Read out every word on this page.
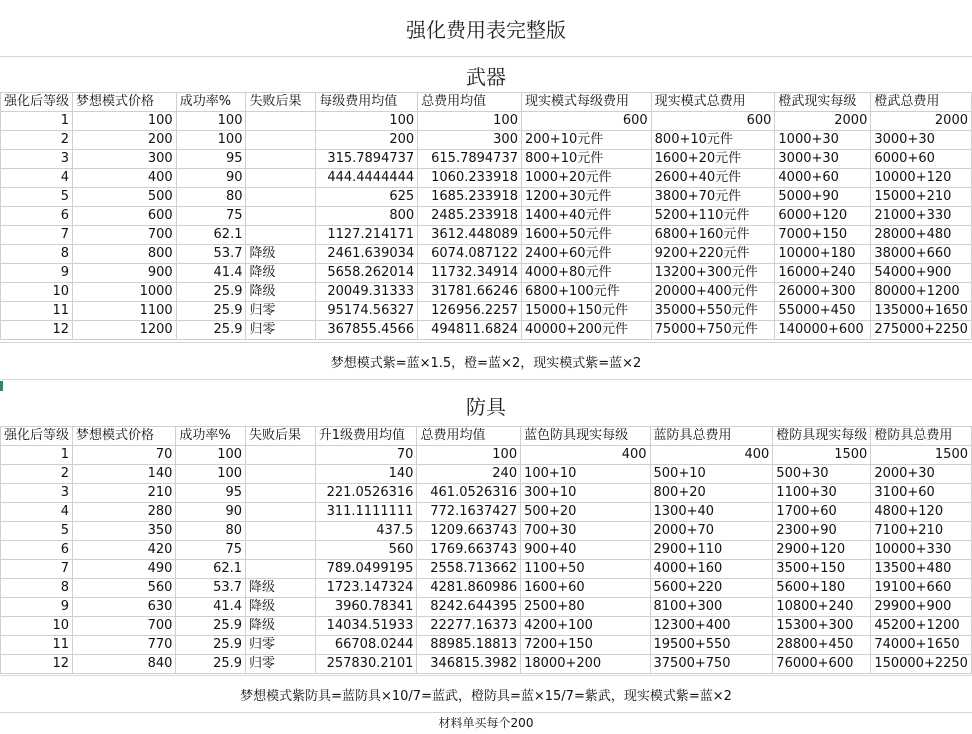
强化费用表完整版
武器
强化后等级	梦想模式价格	成功率%	失败后果	每级费用均值	总费用均值	现实模式每级费用	现实模式总费用	橙武现实每级	橙武总费用
1	100	100		100	100	600	600	2000	2000
2	200	100		200	300	200+10元件	800+10元件	1000+30	3000+30
3	300	95		315.7894737	615.7894737	800+10元件	1600+20元件	3000+30	6000+60
4	400	90		444.4444444	1060.233918	1000+20元件	2600+40元件	4000+60	10000+120
5	500	80		625	1685.233918	1200+30元件	3800+70元件	5000+90	15000+210
6	600	75		800	2485.233918	1400+40元件	5200+110元件	6000+120	21000+330
7	700	62.1		1127.214171	3612.448089	1600+50元件	6800+160元件	7000+150	28000+480
8	800	53.7	降级	2461.639034	6074.087122	2400+60元件	9200+220元件	10000+180	38000+660
9	900	41.4	降级	5658.262014	11732.34914	4000+80元件	13200+300元件	16000+240	54000+900
10	1000	25.9	降级	20049.31333	31781.66246	6800+100元件	20000+400元件	26000+300	80000+1200
11	1100	25.9	归零	95174.56327	126956.2257	15000+150元件	35000+550元件	55000+450	135000+1650
12	1200	25.9	归零	367855.4566	494811.6824	40000+200元件	75000+750元件	140000+600	275000+2250
梦想模式紫=蓝×1.5，橙=蓝×2，现实模式紫=蓝×2
防具
强化后等级	梦想模式价格	成功率%	失败后果	升1级费用均值	总费用均值	蓝色防具现实每级	蓝防具总费用	橙防具现实每级	橙防具总费用
1	70	100		70	100	400	400	1500	1500
2	140	100		140	240	100+10	500+10	500+30	2000+30
3	210	95		221.0526316	461.0526316	300+10	800+20	1100+30	3100+60
4	280	90		311.1111111	772.1637427	500+20	1300+40	1700+60	4800+120
5	350	80		437.5	1209.663743	700+30	2000+70	2300+90	7100+210
6	420	75		560	1769.663743	900+40	2900+110	2900+120	10000+330
7	490	62.1		789.0499195	2558.713662	1100+50	4000+160	3500+150	13500+480
8	560	53.7	降级	1723.147324	4281.860986	1600+60	5600+220	5600+180	19100+660
9	630	41.4	降级	3960.78341	8242.644395	2500+80	8100+300	10800+240	29900+900
10	700	25.9	降级	14034.51933	22277.16373	4200+100	12300+400	15300+300	45200+1200
11	770	25.9	归零	66708.0244	88985.18813	7200+150	19500+550	28800+450	74000+1650
12	840	25.9	归零	257830.2101	346815.3982	18000+200	37500+750	76000+600	150000+2250
梦想模式紫防具=蓝防具×10/7=蓝武，橙防具=蓝×15/7=紫武，现实模式紫=蓝×2
材料单买每个200
